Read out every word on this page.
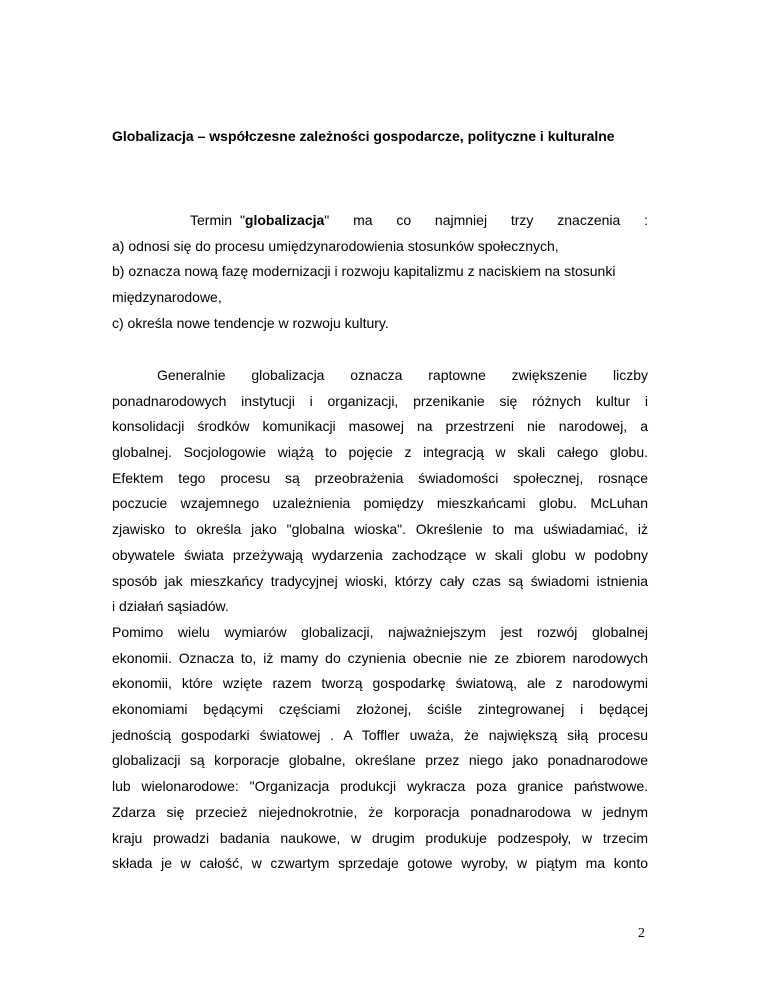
Globalizacja – współczesne zależności gospodarcze, polityczne i kulturalne
Termin "globalizacja"   ma   co   najmniej   trzy   znaczenia   :
a) odnosi się do procesu umiędzynarodowienia stosunków społecznych,
b) oznacza nową fazę modernizacji i rozwoju kapitalizmu z naciskiem na stosunki
międzynarodowe,
c) określa nowe tendencje w rozwoju kultury.
Generalnie globalizacja oznacza raptowne zwiększenie liczby
ponadnarodowych instytucji i organizacji, przenikanie się różnych kultur i
konsolidacji środków komunikacji masowej na przestrzeni nie narodowej, a
globalnej. Socjologowie wiążą to pojęcie z integracją w skali całego globu.
Efektem tego procesu są przeobrażenia świadomości społecznej, rosnące
poczucie wzajemnego uzależnienia pomiędzy mieszkańcami globu. McLuhan
zjawisko to określa jako "globalna wioska". Określenie to ma uświadamiać, iż
obywatele świata przeżywają wydarzenia zachodzące w skali globu w podobny
sposób jak mieszkańcy tradycyjnej wioski, którzy cały czas są świadomi istnienia
i działań sąsiadów.
Pomimo wielu wymiarów globalizacji, najważniejszym jest rozwój globalnej
ekonomii. Oznacza to, iż mamy do czynienia obecnie nie ze zbiorem narodowych
ekonomii, które wzięte razem tworzą gospodarkę światową, ale z narodowymi
ekonomiami będącymi częściami złożonej, ściśle zintegrowanej i będącej
jednością gospodarki światowej . A Toffler uważa, że największą siłą procesu
globalizacji są korporacje globalne, określane przez niego jako ponadnarodowe
lub wielonarodowe: "Organizacja produkcji wykracza poza granice państwowe.
Zdarza się przecież niejednokrotnie, że korporacja ponadnarodowa w jednym
kraju prowadzi badania naukowe, w drugim produkuje podzespoły, w trzecim
składa je w całość, w czwartym sprzedaje gotowe wyroby, w piątym ma konto
2
